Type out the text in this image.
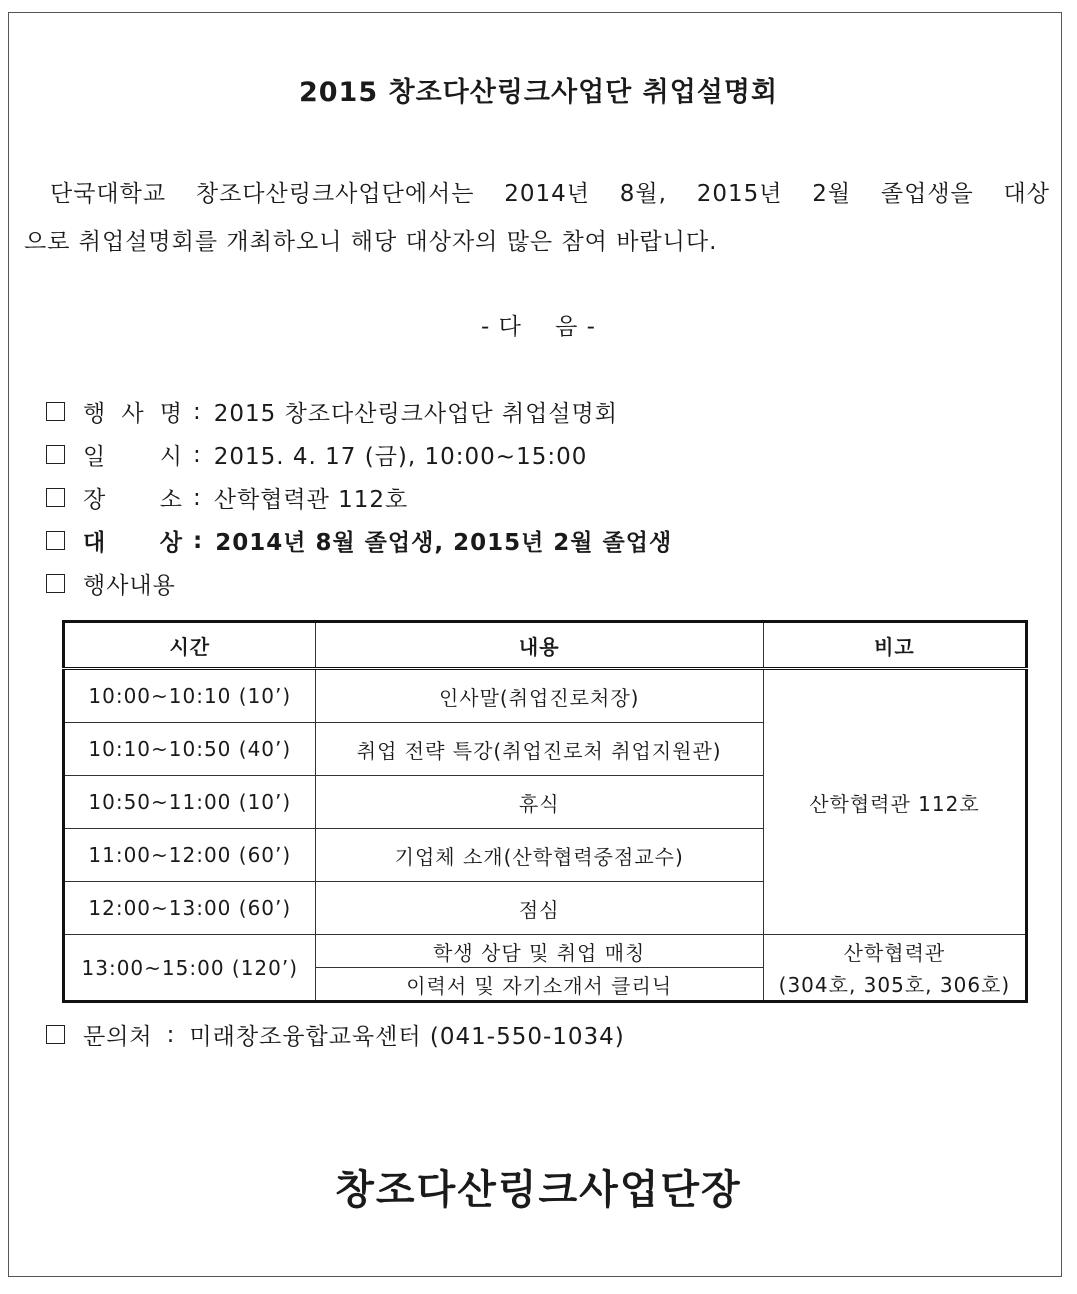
2015 창조다산링크사업단 취업설명회
단국대학교 창조다산링크사업단에서는 2014년 8월, 2015년 2월 졸업생을 대상
으로 취업설명회를 개최하오니 해당 대상자의 많은 참여 바랍니다.
- 다    음 -
행 사 명 : 2015 창조다산링크사업단 취업설명회
일 시 : 2015. 4. 17 (금), 10:00~15:00
장 소 : 산학협력관 112호
대 상 : 2014년 8월 졸업생, 2015년 2월 졸업생
행사내용
시간	내용	비고
10:00~10:10 (10’)	인사말(취업진로처장)	산학협력관 112호
10:10~10:50 (40’)	취업 전략 특강(취업진로처 취업지원관)	
10:50~11:00 (10’)	휴식	
11:00~12:00 (60’)	기업체 소개(산학협력중점교수)	
12:00~13:00 (60’)	점심	
13:00~15:00 (120’)	학생 상담 및 취업 매칭	산학협력관
	이력서 및 자기소개서 클리닉	(304호, 305호, 306호)
문의처 : 미래창조융합교육센터 (041-550-1034)
창조다산링크사업단장
